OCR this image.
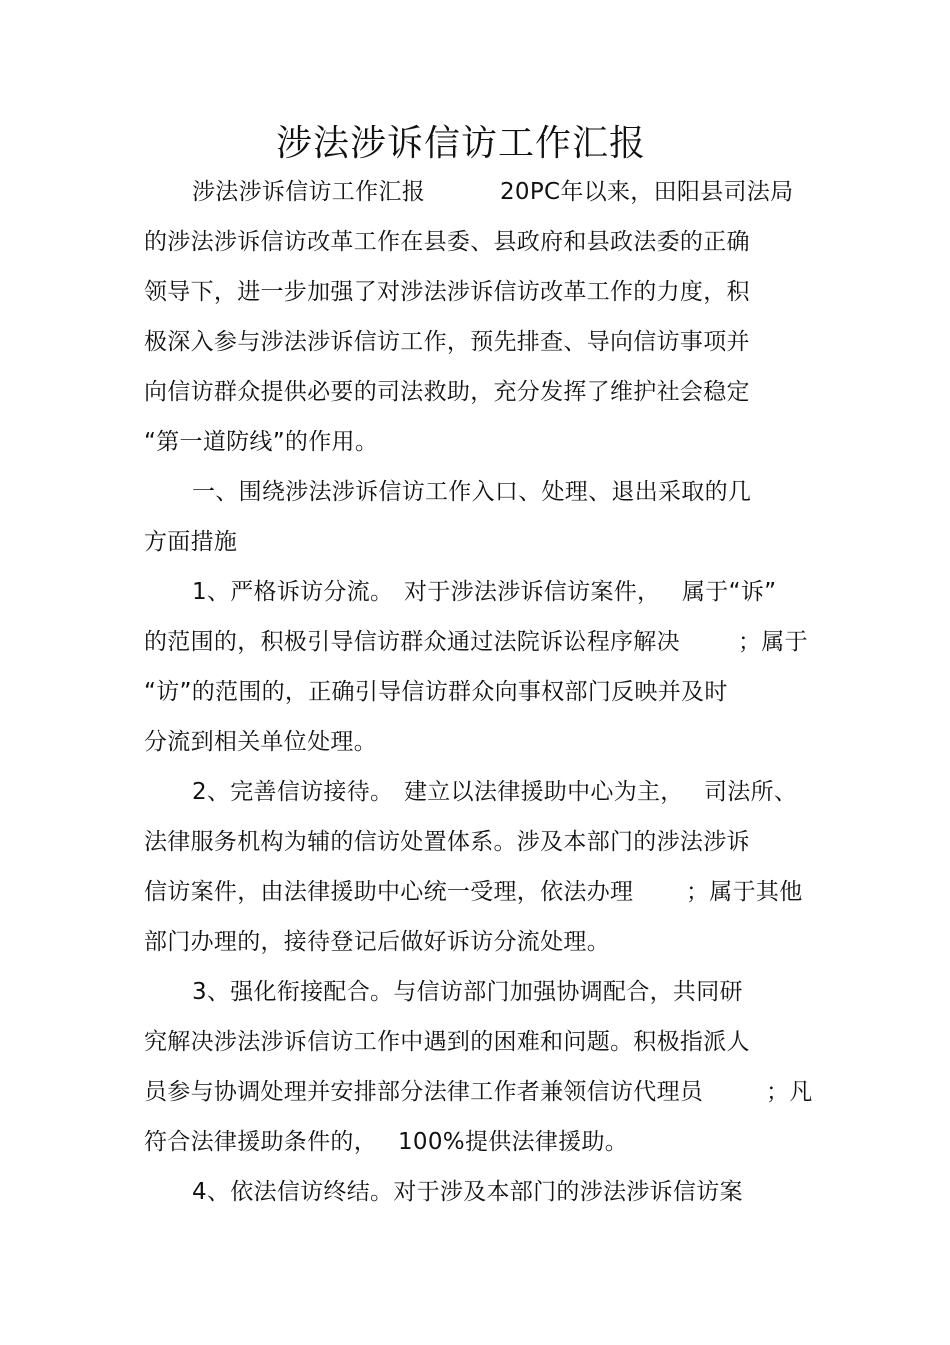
涉法涉诉信访工作汇报
涉法涉诉信访工作汇报	20PC年以来，田阳县司法局
的涉法涉诉信访改革工作在县委、县政府和县政法委的正确
领导下，进一步加强了对涉法涉诉信访改革工作的力度，积
极深入参与涉法涉诉信访工作，预先排查、导向信访事项并
向信访群众提供必要的司法救助，充分发挥了维护社会稳定
“第一道防线”的作用。
一、围绕涉法涉诉信访工作入口、处理、退出采取的几
方面措施
1、严格诉访分流。 对于涉法涉诉信访案件， 属于“诉”
的范围的，积极引导信访群众通过法院诉讼程序解决	；属于
“访”的范围的，正确引导信访群众向事权部门反映并及时
分流到相关单位处理。
2、完善信访接待。 建立以法律援助中心为主， 司法所、
法律服务机构为辅的信访处置体系。涉及本部门的涉法涉诉
信访案件，由法律援助中心统一受理，依法办理 ；属于其他
部门办理的，接待登记后做好诉访分流处理。
3、强化衔接配合。与信访部门加强协调配合，共同研
究解决涉法涉诉信访工作中遇到的困难和问题。积极指派人
员参与协调处理并安排部分法律工作者兼领信访代理员	；凡
符合法律援助条件的， 100%提供法律援助。
4、依法信访终结。对于涉及本部门的涉法涉诉信访案
